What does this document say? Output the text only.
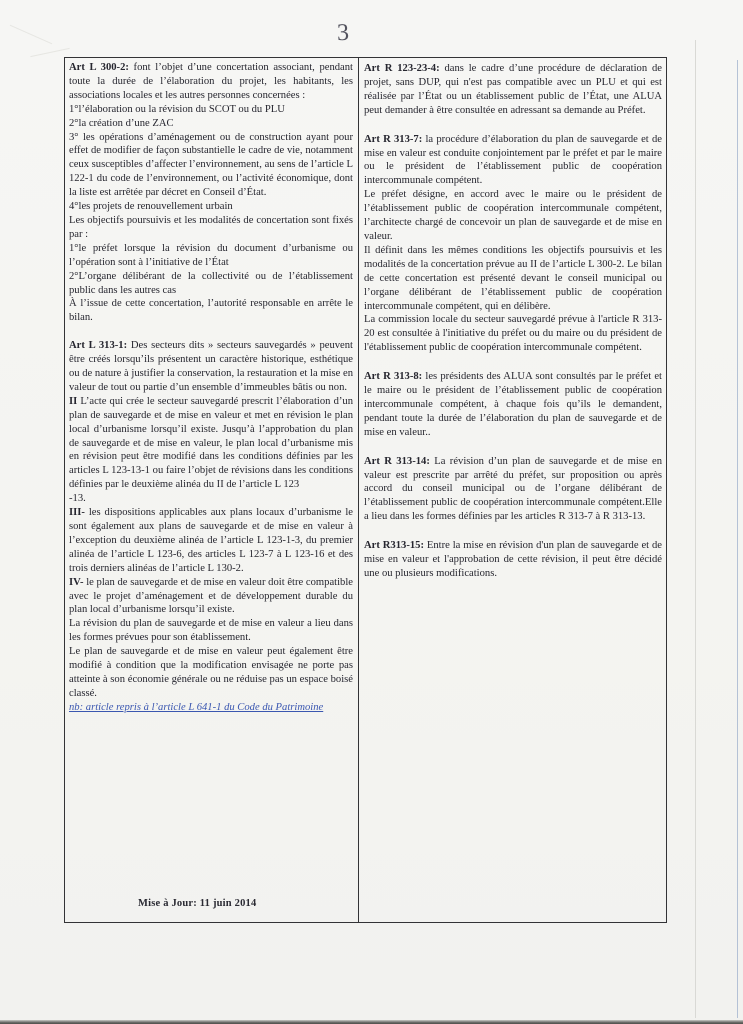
3

Art L 300-2: font l’objet d’une concertation associant, pendant toute la durée de l’élaboration du projet, les habitants, les associations locales et les autres personnes concernées :

1°l’élaboration ou la révision du SCOT ou du PLU

2°la création d’une ZAC

3° les opérations d’aménagement ou de construction ayant pour effet de modifier de façon substantielle le cadre de vie, notamment ceux susceptibles d’affecter l’environnement, au sens de l’article L 122-1 du code de l’environnement, ou l’activité économique, dont la liste est arrêtée par décret en Conseil d’État.

4°les projets de renouvellement urbain

Les objectifs poursuivis et les modalités de concertation sont fixés par :

1°le préfet lorsque la révision du document d’urbanisme ou l’opération sont à l’initiative de l’État

2°L’organe délibérant de la collectivité ou de l’établissement public dans les autres cas

À l’issue de cette concertation, l’autorité responsable en arrête le bilan.

Art L 313-1: Des secteurs dits » secteurs sauvegardés » peuvent être créés lorsqu’ils présentent un caractère historique, esthétique ou de nature à justifier la conservation, la restauration et la mise en valeur de tout ou partie d’un ensemble d’immeubles bâtis ou non.

II L’acte qui crée le secteur sauvegardé prescrit l’élaboration d’un plan de sauvegarde et de mise en valeur et met en révision le plan local d’urbanisme lorsqu’il existe. Jusqu’à l’approbation du plan de sauvegarde et de mise en valeur, le plan local d’urbanisme mis en révision peut être modifié dans les conditions définies par les articles L 123-13-1 ou faire l’objet de révisions dans les conditions définies par le deuxième alinéa du II de l’article L 123

-13.

III- les dispositions applicables aux plans locaux d’urbanisme le sont également aux plans de sauvegarde et de mise en valeur à l’exception du deuxième alinéa de l’article L 123-1-3, du premier alinéa de l’article L 123-6, des articles L 123-7 à L 123-16 et des trois derniers alinéas de l’article L 130-2.

IV- le plan de sauvegarde et de mise en valeur doit être compatible avec le projet d’aménagement et de développement durable du plan local d’urbanisme lorsqu’il existe.

La révision du plan de sauvegarde et de mise en valeur a lieu dans les formes prévues pour son établissement.

Le plan de sauvegarde et de mise en valeur peut également être modifié à condition que la modification envisagée ne porte pas atteinte à son économie générale ou ne réduise pas un espace boisé classé.

nb: article repris à l’article L 641-1 du Code du Patrimoine

Art R 123-23-4: dans le cadre d’une procédure de déclaration de projet, sans DUP, qui n'est pas compatible avec un PLU et qui est réalisée par l’État ou un établissement public de l’État, une ALUA peut demander à être consultée en adressant sa demande au Préfet.

Art R 313-7: la procédure d’élaboration du plan de sauvegarde et de mise en valeur est conduite conjointement par le préfet et par le maire ou le président de l’établissement public de coopération intercommunale compétent.

Le préfet désigne, en accord avec le maire ou le président de l’établissement public de coopération intercommunale compétent, l’architecte chargé de concevoir un plan de sauvegarde et de mise en valeur.

Il définit dans les mêmes conditions les objectifs poursuivis et les modalités de la concertation prévue au II de l’article L 300-2. Le bilan de cette concertation est présenté devant le conseil municipal ou l’organe délibérant de l’établissement public de coopération intercommunale compétent, qui en délibère.

La commission locale du secteur sauvegardé prévue à l'article R 313-20 est consultée à l'initiative du préfet ou du maire ou du président de l'établissement public de coopération intercommunale compétent.

Art R 313-8: les présidents des ALUA sont consultés par le préfet et le maire ou le président de l’établissement public de coopération intercommunale compétent, à chaque fois qu’ils le demandent, pendant toute la durée de l’élaboration du plan de sauvegarde et de mise en valeur..

Art R 313-14: La révision d’un plan de sauvegarde et de mise en valeur est prescrite par arrêté du préfet, sur proposition ou après accord du conseil municipal ou de l’organe délibérant de l’établissement public de coopération intercommunale compétent.Elle a lieu dans les formes définies par les articles R 313-7 à R 313-13.

Art R313-15: Entre la mise en révision d'un plan de sauvegarde et de mise en valeur et l'approbation de cette révision, il peut être décidé une ou plusieurs modifications.

Mise à Jour: 11 juin 2014
